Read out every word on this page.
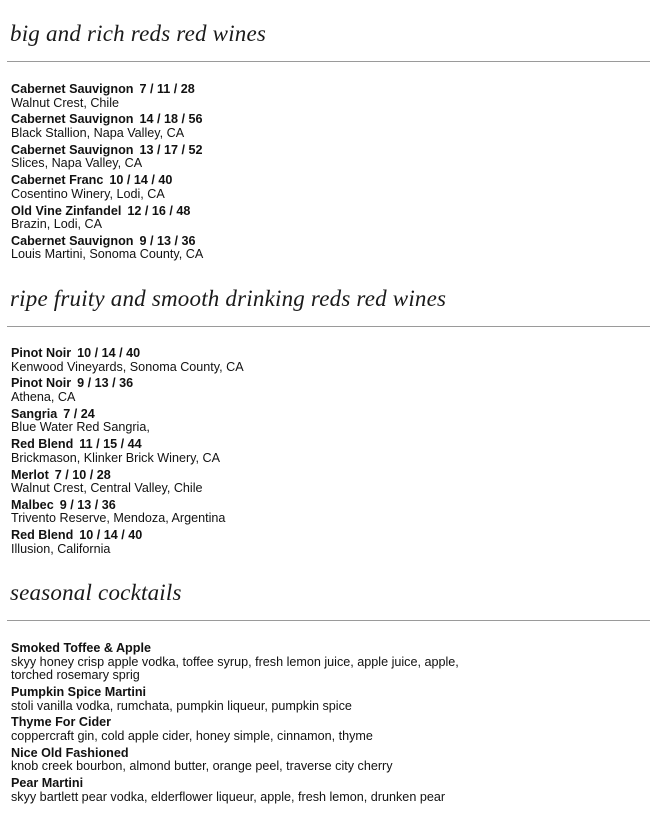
big and rich reds red wines
Cabernet Sauvignon 7 / 11 / 28
Walnut Crest, Chile
Cabernet Sauvignon 14 / 18 / 56
Black Stallion, Napa Valley, CA
Cabernet Sauvignon 13 / 17 / 52
Slices, Napa Valley, CA
Cabernet Franc 10 / 14 / 40
Cosentino Winery, Lodi, CA
Old Vine Zinfandel 12 / 16 / 48
Brazin, Lodi, CA
Cabernet Sauvignon 9 / 13 / 36
Louis Martini, Sonoma County, CA
ripe fruity and smooth drinking reds red wines
Pinot Noir 10 / 14 / 40
Kenwood Vineyards, Sonoma County, CA
Pinot Noir 9 / 13 / 36
Athena, CA
Sangria 7 / 24
Blue Water Red Sangria,
Red Blend 11 / 15 / 44
Brickmason, Klinker Brick Winery, CA
Merlot 7 / 10 / 28
Walnut Crest, Central Valley, Chile
Malbec 9 / 13 / 36
Trivento Reserve, Mendoza, Argentina
Red Blend 10 / 14 / 40
Illusion, California
seasonal cocktails
Smoked Toffee & Apple
skyy honey crisp apple vodka, toffee syrup, fresh lemon juice, apple juice, apple,
torched rosemary sprig
Pumpkin Spice Martini
stoli vanilla vodka, rumchata, pumpkin liqueur, pumpkin spice
Thyme For Cider
coppercraft gin, cold apple cider, honey simple, cinnamon, thyme
Nice Old Fashioned
knob creek bourbon, almond butter, orange peel, traverse city cherry
Pear Martini
skyy bartlett pear vodka, elderflower liqueur, apple, fresh lemon, drunken pear
